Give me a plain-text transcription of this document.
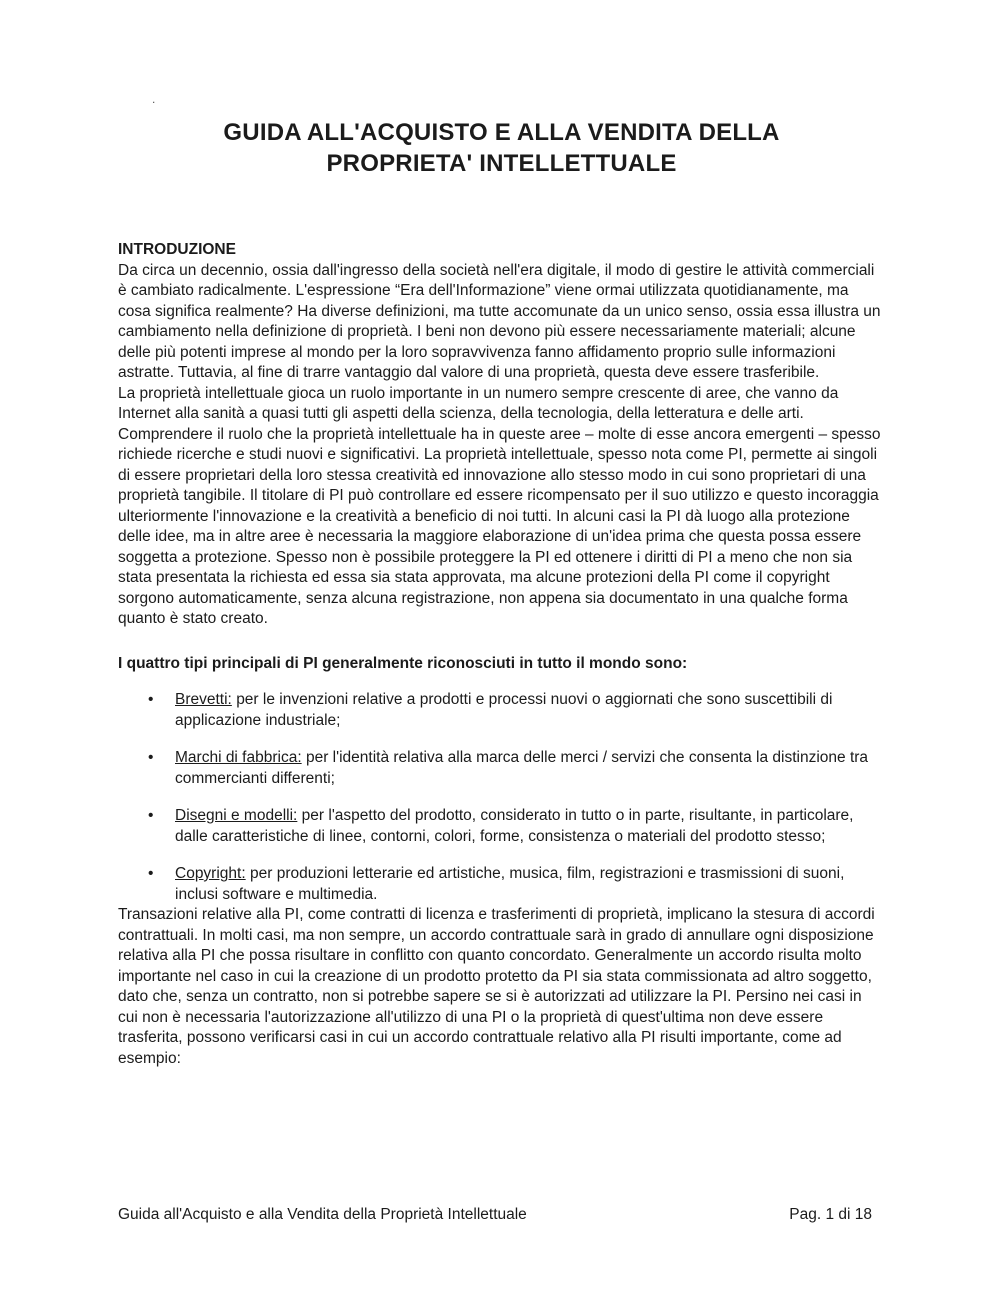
.
GUIDA ALL'ACQUISTO E ALLA VENDITA DELLA
PROPRIETA' INTELLETTUALE
INTRODUZIONE

Da circa un decennio, ossia dall'ingresso della società nell'era digitale, il modo di gestire le attività commerciali è cambiato radicalmente. L'espressione “Era dell'Informazione” viene ormai utilizzata quotidianamente, ma cosa significa realmente? Ha diverse definizioni, ma tutte accomunate da un unico senso, ossia essa illustra un cambiamento nella definizione di proprietà. I beni non devono più essere necessariamente materiali; alcune delle più potenti imprese al mondo per la loro sopravvivenza fanno affidamento proprio sulle informazioni astratte. Tuttavia, al fine di trarre vantaggio dal valore di una proprietà, questa deve essere trasferibile.

La proprietà intellettuale gioca un ruolo importante in un numero sempre crescente di aree, che vanno da Internet alla sanità a quasi tutti gli aspetti della scienza, della tecnologia, della letteratura e delle arti. Comprendere il ruolo che la proprietà intellettuale ha in queste aree – molte di esse ancora emergenti – spesso richiede ricerche e studi nuovi e significativi. La proprietà intellettuale, spesso nota come PI, permette ai singoli di essere proprietari della loro stessa creatività ed innovazione allo stesso modo in cui sono proprietari di una proprietà tangibile. Il titolare di PI può controllare ed essere ricompensato per il suo utilizzo e questo incoraggia ulteriormente l'innovazione e la creatività a beneficio di noi tutti. In alcuni casi la PI dà luogo alla protezione delle idee, ma in altre aree è necessaria la maggiore elaborazione di un'idea prima che questa possa essere soggetta a protezione. Spesso non è possibile proteggere la PI ed ottenere i diritti di PI a meno che non sia stata presentata la richiesta ed essa sia stata approvata, ma alcune protezioni della PI come il copyright sorgono automaticamente, senza alcuna registrazione, non appena sia documentato in una qualche forma quanto è stato creato.

I quattro tipi principali di PI generalmente riconosciuti in tutto il mondo sono:
• Brevetti: per le invenzioni relative a prodotti e processi nuovi o aggiornati che sono suscettibili di applicazione industriale;
• Marchi di fabbrica: per l'identità relativa alla marca delle merci / servizi che consenta la distinzione tra commercianti differenti;
• Disegni e modelli: per l'aspetto del prodotto, considerato in tutto o in parte, risultante, in particolare, dalle caratteristiche di linee, contorni, colori, forme, consistenza o materiali del prodotto stesso;
• Copyright: per produzioni letterarie ed artistiche, musica, film, registrazioni e trasmissioni di suoni, inclusi software e multimedia.

Transazioni relative alla PI, come contratti di licenza e trasferimenti di proprietà, implicano la stesura di accordi contrattuali. In molti casi, ma non sempre, un accordo contrattuale sarà in grado di annullare ogni disposizione relativa alla PI che possa risultare in conflitto con quanto concordato. Generalmente un accordo risulta molto importante nel caso in cui la creazione di un prodotto protetto da PI sia stata commissionata ad altro soggetto, dato che, senza un contratto, non si potrebbe sapere se si è autorizzati ad utilizzare la PI. Persino nei casi in cui non è necessaria l'autorizzazione all'utilizzo di una PI o la proprietà di quest'ultima non deve essere trasferita, possono verificarsi casi in cui un accordo contrattuale relativo alla PI risulti importante, come ad esempio:

Guida all'Acquisto e alla Vendita della Proprietà Intellettuale	Pag. 1 di 18
